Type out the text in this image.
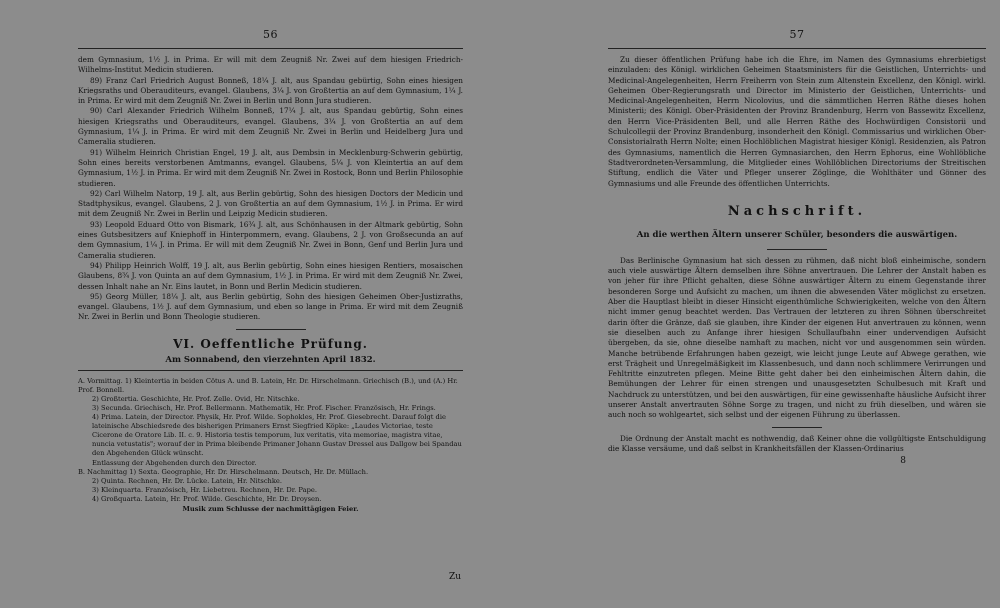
56

dem Gymnasium, 1½ J. in Prima. Er will mit dem Zeugniß Nr. Zwei auf dem hiesigen Friedrich-Wilhelms-Institut Medicin studieren.

89) Franz Carl Friedrich August Bonneß, 18¼ J. alt, aus Spandau gebürtig, Sohn eines hiesigen Kriegsraths und Oberauditeurs, evangel. Glaubens, 3¼ J. von Großtertia an auf dem Gymnasium, 1¼ J. in Prima. Er wird mit dem Zeugniß Nr. Zwei in Berlin und Bonn Jura studieren.

90) Carl Alexander Friedrich Wilhelm Bonneß, 17¼ J. alt, aus Spandau gebürtig, Sohn eines hiesigen Kriegsraths und Oberauditeurs, evangel. Glaubens, 3¼ J. von Großtertia an auf dem Gymnasium, 1¼ J. in Prima. Er wird mit dem Zeugniß Nr. Zwei in Berlin und Heidelberg Jura und Cameralia studieren.

91) Wilhelm Heinrich Christian Engel, 19 J. alt, aus Dembsin in Mecklenburg-Schwerin gebürtig, Sohn eines bereits verstorbenen Amtmanns, evangel. Glaubens, 5¼ J. von Kleintertia an auf dem Gymnasium, 1½ J. in Prima. Er wird mit dem Zeugniß Nr. Zwei in Rostock, Bonn und Berlin Philosophie studieren.

92) Carl Wilhelm Natorp, 19 J. alt, aus Berlin gebürtig, Sohn des hiesigen Doctors der Medicin und Stadtphysikus, evangel. Glaubens, 2 J. von Großtertia an auf dem Gymnasium, 1½ J. in Prima. Er wird mit dem Zeugniß Nr. Zwei in Berlin und Leipzig Medicin studieren.

93) Leopold Eduard Otto von Bismark, 16¾ J. alt, aus Schönhausen in der Altmark gebürtig, Sohn eines Gutsbesitzers auf Kniephoff in Hinterpommern, evang. Glaubens, 2 J. von Großsecunda an auf dem Gymnasium, 1¼ J. in Prima. Er will mit dem Zeugniß Nr. Zwei in Bonn, Genf und Berlin Jura und Cameralia studieren.

94) Philipp Heinrich Wolff, 19 J. alt, aus Berlin gebürtig, Sohn eines hiesigen Rentiers, mosaischen Glaubens, 8¾ J. von Quinta an auf dem Gymnasium, 1½ J. in Prima. Er wird mit dem Zeugniß Nr. Zwei, dessen Inhalt nahe an Nr. Eins lautet, in Bonn und Berlin Medicin studieren.

95) Georg Müller, 18¼ J. alt, aus Berlin gebürtig, Sohn des hiesigen Geheimen Ober-Justizraths, evangel. Glaubens, 1½ J. auf dem Gymnasium, und eben so lange in Prima. Er wird mit dem Zeugniß Nr. Zwei in Berlin und Bonn Theologie studieren.

VI. Oeffentliche Prüfung.
Am Sonnabend, den vierzehnten April 1832.

A. Vormittag. 1) Kleintertia in beiden Cötus A. und B. Latein, Hr. Dr. Hirschelmann. Griechisch (B.), und (A.) Hr. Prof. Bonnell.

2) Großtertia. Geschichte, Hr. Prof. Zelle. Ovid, Hr. Nitschke.

3) Secunda. Griechisch, Hr. Prof. Bellermann. Mathematik, Hr. Prof. Fischer. Französisch, Hr. Frings.

4) Prima. Latein, der Director. Physik, Hr. Prof. Wilde. Sophokles, Hr. Prof. Giesebrecht. Darauf folgt die lateinische Abschiedsrede des bisherigen Primaners Ernst Siegfried Köpke: „Laudes Victoriae, teste Cicerone de Oratore Lib. II. c. 9. Historia testis temporum, lux veritatis, vita memoriae, magistra vitae, nuncia vetustatis"; worauf der in Prima bleibende Primaner Johann Gustav Dressel aus Dallgow bei Spandau den Abgehenden Glück wünscht.

Entlassung der Abgehenden durch den Director.

B. Nachmittag 1) Sexta. Geographie, Hr. Dr. Hirschelmann. Deutsch, Hr. Dr. Müllach.

2) Quinta. Rechnen, Hr. Dr. Lücke. Latein, Hr. Nitschke.

3) Kleinquarta. Französisch, Hr. Liebetreu. Rechnen, Hr. Dr. Pape.

4) Großquarta. Latein, Hr. Prof. Wilde. Geschichte, Hr. Dr. Droysen.

Musik zum Schlusse der nachmittägigen Feier.

Zu
57

Zu dieser öffentlichen Prüfung habe ich die Ehre, im Namen des Gymnasiums ehrerbietigst einzuladen: des Königl. wirklichen Geheimen Staatsministers für die Geistlichen, Unterrichts- und Medicinal-Angelegenheiten, Herrn Freiherrn von Stein zum Altenstein Excellenz, den Königl. wirkl. Geheimen Ober-Regierungsrath und Director im Ministerio der Geistlichen, Unterrichts- und Medicinal-Angelegenheiten, Herrn Nicolovius, und die sämmtlichen Herren Räthe dieses hohen Ministerii; des Königl. Ober-Präsidenten der Provinz Brandenburg, Herrn von Bassewitz Excellenz, den Herrn Vice-Präsidenten Bell, und alle Herren Räthe des Hochwürdigen Consistorii und Schulcollegii der Provinz Brandenburg, insonderheit den Königl. Commissarius und wirklichen Ober-Consistorialrath Herrn Nolte; einen Hochlöblichen Magistrat hiesiger Königl. Residenzien, als Patron des Gymnasiums, namentlich die Herren Gymnasiarchen, den Herrn Ephorus, eine Wohllöbliche Stadtverordneten-Versammlung, die Mitglieder eines Wohllöblichen Directoriums der Streitischen Stiftung, endlich die Väter und Pfleger unserer Zöglinge, die Wohlthäter und Gönner des Gymnasiums und alle Freunde des öffentlichen Unterrichts.

Nachschrift.
An die werthen Ältern unserer Schüler, besonders die auswärtigen.

Das Berlinische Gymnasium hat sich dessen zu rühmen, daß nicht bloß einheimische, sondern auch viele auswärtige Ältern demselben ihre Söhne anvertrauen. Die Lehrer der Anstalt haben es von jeher für ihre Pflicht gehalten, diese Söhne auswärtiger Ältern zu einem Gegenstande ihrer besonderen Sorge und Aufsicht zu machen, um ihnen die abwesenden Väter möglichst zu ersetzen. Aber die Hauptlast bleibt in dieser Hinsicht eigenthümliche Schwierigkeiten, welche von den Ältern nicht immer genug beachtet werden. Das Vertrauen der letzteren zu ihren Söhnen überschreitet darin öfter die Gränze, daß sie glauben, ihre Kinder der eigenen Hut anvertrauen zu können, wenn sie dieselben auch zu Anfange ihrer hiesigen Schullaufbahn einer undervendigen Aufsicht übergeben, da sie, ohne dieselbe namhaft zu machen, nicht vor und ausgenommen sein würden. Manche betrübende Erfahrungen haben gezeigt, wie leicht junge Leute auf Abwege gerathen, wie erst Trägheit und Unregelmäßigkeit im Klassenbesuch, und dann noch schlimmere Verirrungen und Fehltritte einzutreten pflegen. Meine Bitte geht daher bei den einheimischen Ältern dahin, die Bemühungen der Lehrer für einen strengen und unausgesetzten Schulbesuch mit Kraft und Nachdruck zu unterstützen, und bei den auswärtigen, für eine gewissenhafte häusliche Aufsicht ihrer unserer Anstalt anvertrauten Söhne Sorge zu tragen, und nicht zu früh dieselben, und wären sie auch noch so wohlgeartet, sich selbst und der eigenen Führung zu überlassen.

Die Ordnung der Anstalt macht es nothwendig, daß Keiner ohne die vollgültigste Entschuldigung die Klasse versäume, und daß selbst in Krankheitsfällen der Klassen-Ordinarius

8
